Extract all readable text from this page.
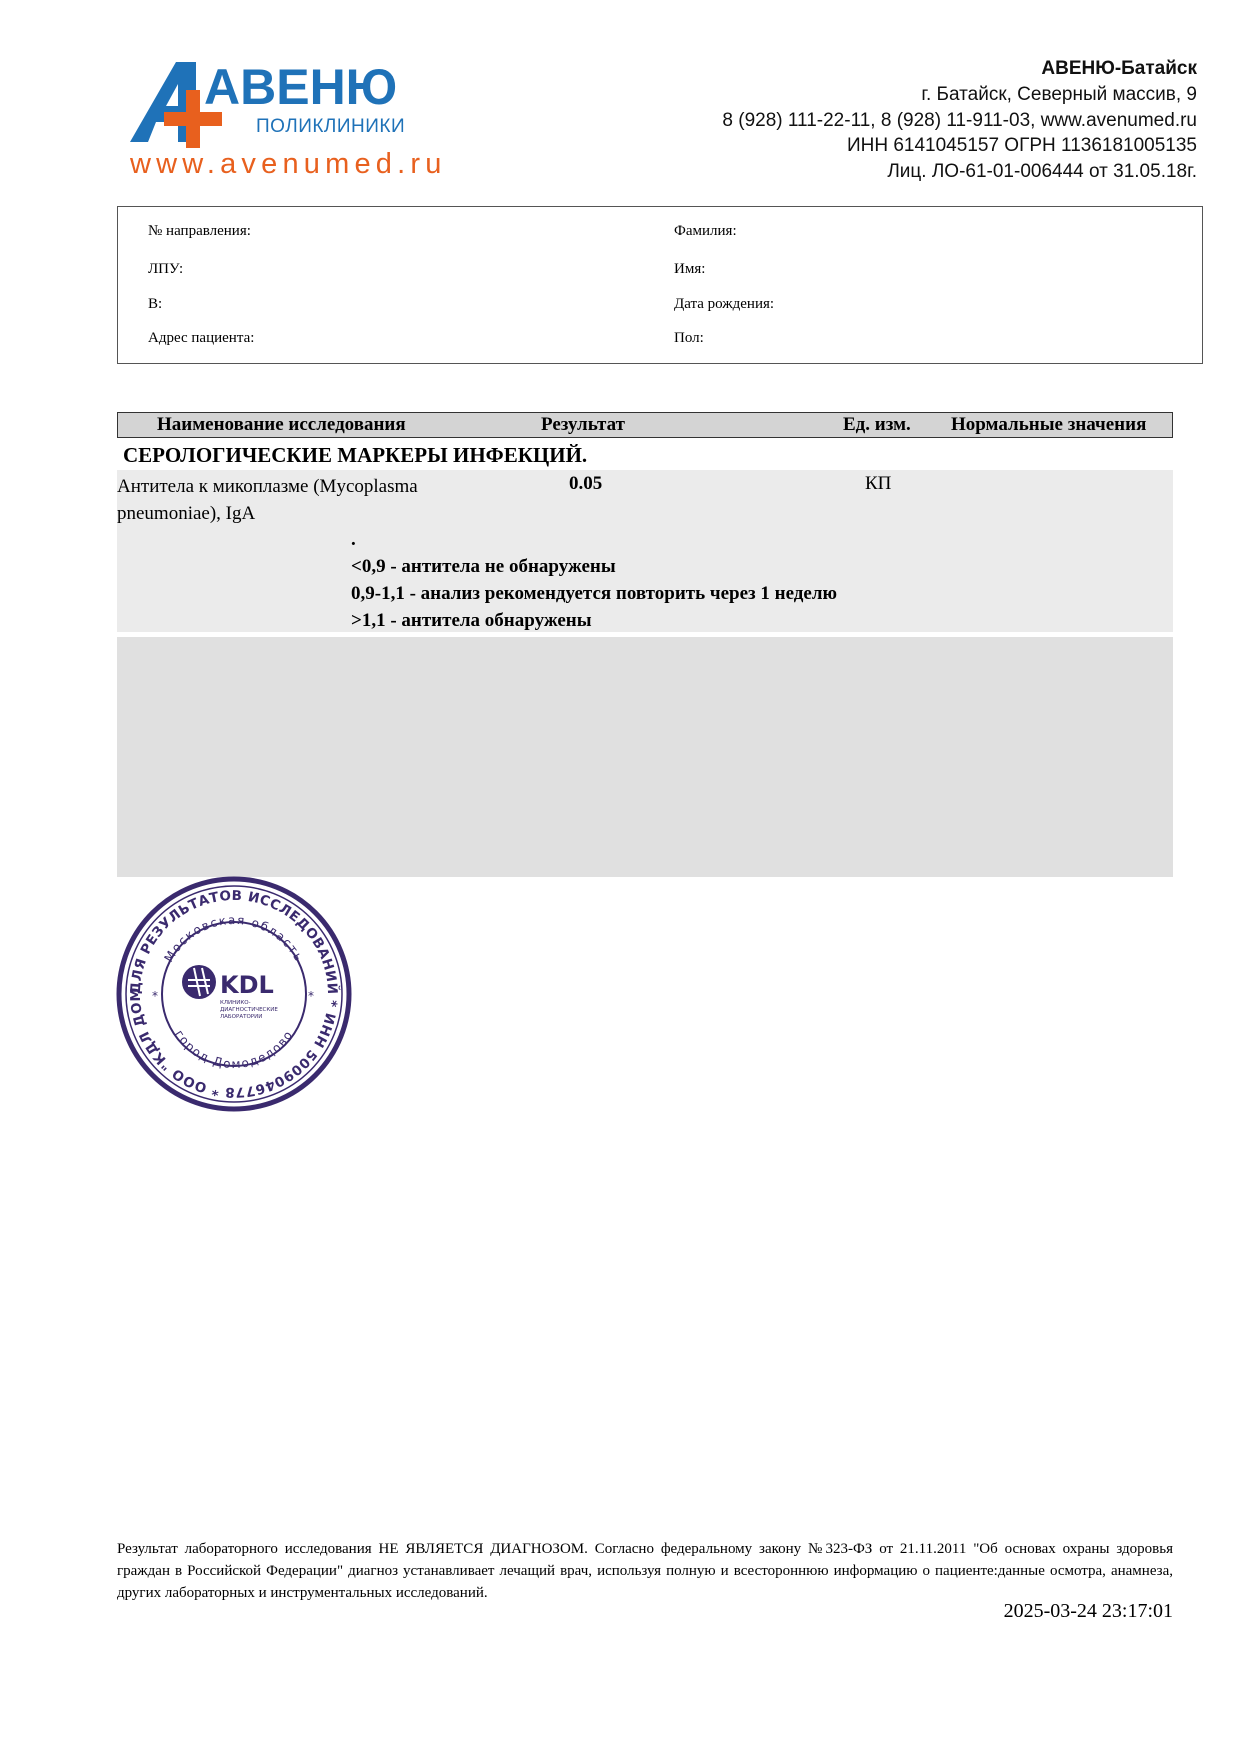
АВЕНЮ
ПОЛИКЛИНИКИ
www.avenumed.ru
АВЕНЮ-Батайск
г. Батайск, Северный массив, 9
8 (928) 111-22-11, 8 (928) 11-911-03, www.avenumed.ru
ИНН 6141045157 ОГРН 1136181005135
Лиц. ЛО-61-01-006444 от 31.05.18г.
№ направления:
ЛПУ:
В:
Адрес пациента:
Фамилия:
Имя:
Дата рождения:
Пол:
Наименование исследования	Результат	Ед. изм. Нормальные значения
СЕРОЛОГИЧЕСКИЕ МАРКЕРЫ ИНФЕКЦИЙ.
Антитела к микоплазме (Mycoplasma pneumoniae), IgA
0.05	КП
.
<0,9 - антитела не обнаружены
0,9-1,1 - анализ рекомендуется повторить через 1 неделю
>1,1 - антитела обнаружены
ДЛЯ РЕЗУЛЬТАТОВ ИССЛЕДОВАНИЙ * ИНН 5009046778 * ООО "КДЛ ДОМ
Московская область
город Домодедово
KDL
КЛИНИКО-
ДИАГНОСТИЧЕСКИЕ
ЛАБОРАТОРИИ
*	*
Результат лабораторного исследования НЕ ЯВЛЯЕТСЯ ДИАГНОЗОМ. Согласно федеральному закону №323-ФЗ от 21.11.2011 "Об основах охраны здоровья граждан в Российской Федерации" диагноз устанавливает лечащий врач, используя полную и всестороннюю информацию о пациенте:данные осмотра, анамнеза, других лабораторных и инструментальных исследований.
2025-03-24 23:17:01
